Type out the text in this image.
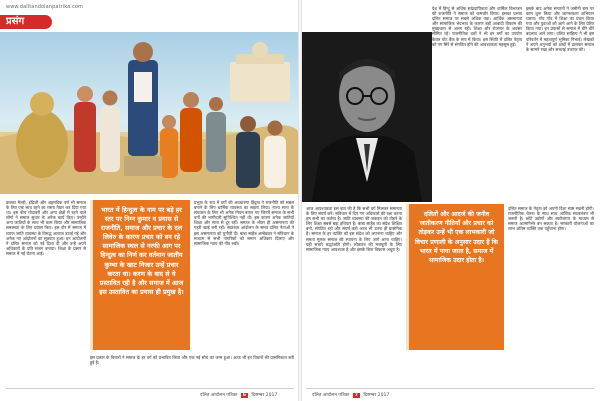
www.dalitandolanpatrika.com
प्रसंग
कक्का मैल्ड़ी, इंद्रिजी और अहमदिक वर्ष भी समाज के लिए एक साथ रहने का रास्ता तैयार कर दिया गया था। इस बीच गोदावरी और अन्य क्षेत्रों में रहने वाले लोगों ने समाज सुधार के अनेक कार्य किए। उन्होंने अन्य जातियों के साथ भी काम किया और सामाजिक समरसता के लिए प्रयास किए। इस दौर में समाज में व्याप्त जाति व्यवस्था के विरुद्ध आवाज उठाई गई और अनेक नए आंदोलनों का सूत्रपात हुआ। इन आंदोलनों ने दलित समाज को नई दिशा दी और उन्हें अपने अधिकारों के प्रति सजग बनाया। शिक्षा के प्रसार से समाज में नई चेतना आई।
भारत में हिन्दुत्व के नाम पर बड़े हर स्तर पर निम्न कुमार व प्रयास से राजनीति, समाज और प्रचार के दल लिवेरु के कारण प्रचार को बन रहे सामाजिक स्थल से नरफी आग पर हिन्दुत्व का निर्ण कर वर्तमान जातीय कुम्भा के खाट निजार उन्हें प्रचार करता था। करण के बाद से ये प्रस्तावित रही है और समाज में आज इस उस्तावित का प्रयास ही प्रमुख है।
प्रभुत्व के रूप में वर्गों की अवधारणा हिंदुत्व ने राजनीति को सबल बनाने के लिए धार्मिक व्यवस्था का सहारा लिया। राज्य सत्ता के संचालन के लिए भी अनेक नियम बनाए गए जिनमें समाज के सभी वर्गों की भागीदारी सुनिश्चित नहीं थी। इस कारण अनेक जातियाँ शिक्षा और सत्ता से दूर रहीं। समाज के भीतर ही असमानता की गहरी खाई बनी रही। स्वतंत्रता आंदोलन के समय दलित नेताओं ने इस असमानता को चुनौती दी। बाबा साहेब अम्बेडकर ने संविधान के माध्यम से सभी नागरिकों को समान अधिकार दिलाए और सामाजिक न्याय की नींव रखी।
इस प्रकार के विचारों ने समाज के हर वर्ग को प्रभावित किया और एक नई सोच का जन्म हुआ। आज भी इन विचारों की प्रासंगिकता बनी हुई है।
दलित आंदोलन पत्रिका 6 दिसम्बर 2017
देश में हिन्दू से अधिक सांप्रदायिकता और धार्मिक विभाजन की राजनीति ने समाज को कमजोर किया। इसका प्रभाव दलित समाज पर सबसे अधिक पड़ा। आर्थिक असमानता और सामाजिक भेदभाव के कारण बड़ी आबादी विकास की मुख्यधारा से अलग रही। शिक्षा और रोजगार के अवसर सीमित रहे। राजनीतिक दलों ने भी इन वर्गों का उपयोग केवल वोट बैंक के रूप में किया। इस स्थिति में दलित नेतृत्व को नए सिरे से संगठित होने की आवश्यकता महसूस हुई।
इसके बाद अनेक संगठनों ने जमीनी स्तर पर काम शुरू किया और जागरूकता अभियान चलाए। गाँव गाँव में शिक्षा का प्रचार किया गया और युवाओं को आगे आने के लिए प्रेरित किया गया। इन प्रयासों से समाज में धीरे धीरे बदलाव आने लगा। दलित साहित्य ने भी इस परिवर्तन में महत्वपूर्ण भूमिका निभाई। लेखकों ने अपने अनुभवों को शब्दों में ढालकर समाज के सामने रखा और सच्चाई उजागर की।
आज आवश्यकता इस बात की है कि सभी वर्ग मिलकर समानता के लिए संघर्ष करें। संविधान में दिए गए अधिकारों की रक्षा करना हम सभी का कर्तव्य है। जाति व्यवस्था की जकड़न को तोड़ने के लिए शिक्षा सबसे बड़ा हथियार है। बाबा साहेब का संदेश शिक्षित बनो, संगठित रहो और संघर्ष करो आज भी उतना ही प्रासंगिक है। समाज के हर व्यक्ति को इस संदेश को अपनाना चाहिए और समता मूलक समाज की स्थापना के लिए आगे आना चाहिए। यही सच्ची श्रद्धांजलि होगी। लोकतंत्र की मजबूती के लिए सामाजिक न्याय आवश्यक है और इसके बिना विकास अधूरा है।
दलित समाज के नेतृत्व को अपनी दिशा स्पष्ट रखनी होगी। राजनीतिक चेतना के साथ साथ आर्थिक स्वावलंबन भी जरूरी है। छोटे उद्योगों और स्वरोजगार के माध्यम से समाज आत्मनिर्भर बन सकता है। सरकारी योजनाओं का लाभ अंतिम व्यक्ति तक पहुँचाना होगा।
दलित आंदोलन पत्रिका 7 दिसम्बर 2017
दलितों और आदर्ज की जनीव जातीकरण नीतियाँ और प्रचार को तोड़कर उन्हें भी एक लाभकारी जो विचार प्रणाली के अनुसार उदार हैं कि भारत में पाया जाता है, समाज में सामाजिक उदार होता है।
